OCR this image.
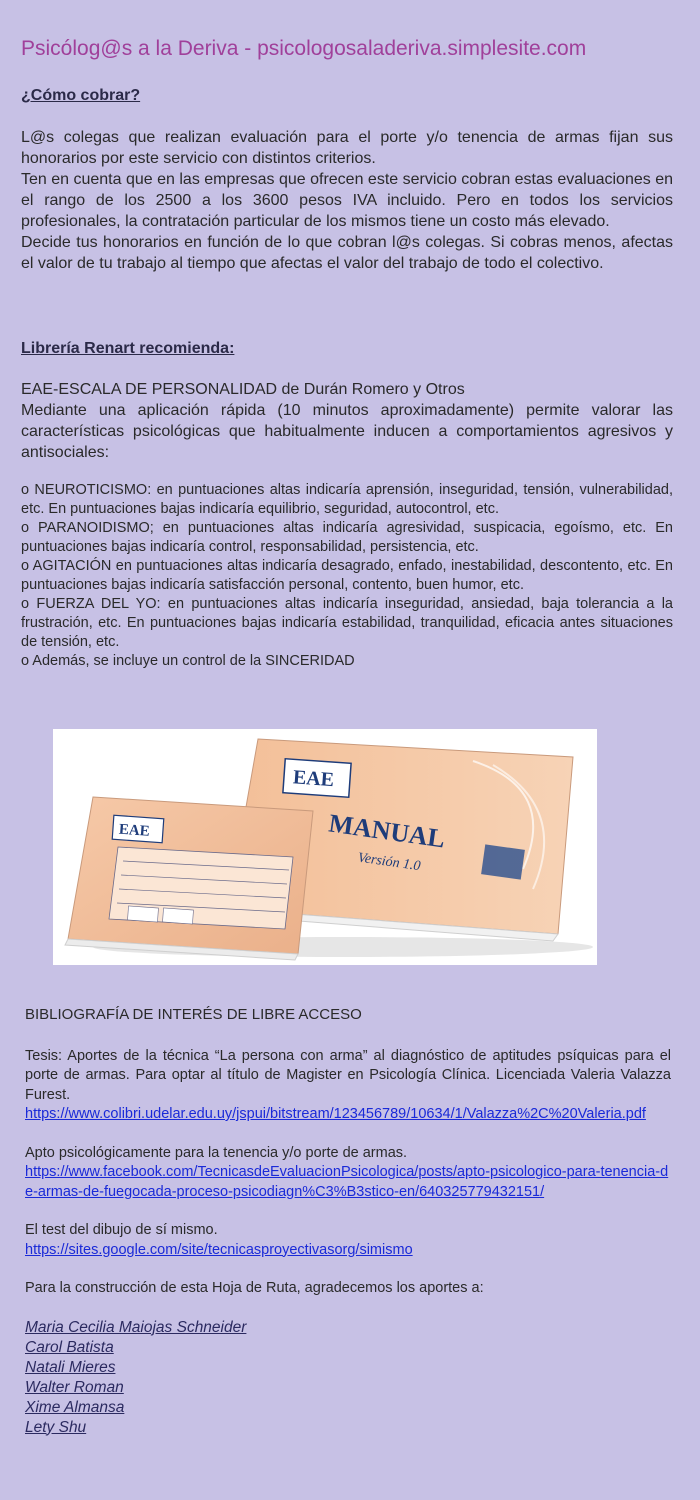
Psicólog@s a la Deriva - psicologosaladeriva.simplesite.com
¿Cómo cobrar?
L@s colegas que realizan evaluación para el porte y/o tenencia de armas fijan sus honorarios por este servicio con distintos criterios.
Ten en cuenta que en las empresas que ofrecen este servicio cobran estas evaluaciones en el rango de los 2500 a los 3600 pesos IVA incluido. Pero en todos los servicios profesionales, la contratación particular de los mismos tiene un costo más elevado.
Decide tus honorarios en función de lo que cobran l@s colegas. Si cobras menos, afectas el valor de tu trabajo al tiempo que afectas el valor del trabajo de todo el colectivo.
Librería Renart recomienda:
EAE-ESCALA DE PERSONALIDAD de Durán Romero y Otros
Mediante una aplicación rápida (10 minutos aproximadamente) permite valorar las características psicológicas que habitualmente inducen a comportamientos agresivos y antisociales:
o NEUROTICISMO: en puntuaciones altas indicaría aprensión, inseguridad, tensión, vulnerabilidad, etc. En puntuaciones bajas indicaría equilibrio, seguridad, autocontrol, etc.
o PARANOIDISMO; en puntuaciones altas indicaría agresividad, suspicacia, egoísmo, etc. En puntuaciones bajas indicaría control, responsabilidad, persistencia, etc.
o AGITACIÓN en puntuaciones altas indicaría desagrado, enfado, inestabilidad, descontento, etc. En puntuaciones bajas indicaría satisfacción personal, contento, buen humor, etc.
o FUERZA DEL YO: en puntuaciones altas indicaría inseguridad, ansiedad, baja tolerancia a la frustración, etc. En puntuaciones bajas indicaría estabilidad, tranquilidad, eficacia antes situaciones de tensión, etc.
o Además, se incluye un control de la SINCERIDAD
EAE
MANUAL
Versión 1.0
EAE
BIBLIOGRAFÍA DE INTERÉS DE LIBRE ACCESO
Tesis: Aportes de la técnica “La persona con arma” al diagnóstico de aptitudes psíquicas para el porte de armas. Para optar al título de Magister en Psicología Clínica. Licenciada Valeria Valazza Furest.
https://www.colibri.udelar.edu.uy/jspui/bitstream/123456789/10634/1/Valazza%2C%20Valeria.pdf
Apto psicológicamente para la tenencia y/o porte de armas.
https://www.facebook.com/TecnicasdeEvaluacionPsicologica/posts/apto-psicologico-para-tenencia-de-armas-de-fuegocada-proceso-psicodiagn%C3%B3stico-en/640325779432151/
El test del dibujo de sí mismo.
https://sites.google.com/site/tecnicasproyectivasorg/simismo
Para la construcción de esta Hoja de Ruta, agradecemos los aportes a:
Maria Cecilia Maiojas Schneider
Carol Batista
Natali Mieres
Walter Roman
Xime Almansa
Lety Shu
